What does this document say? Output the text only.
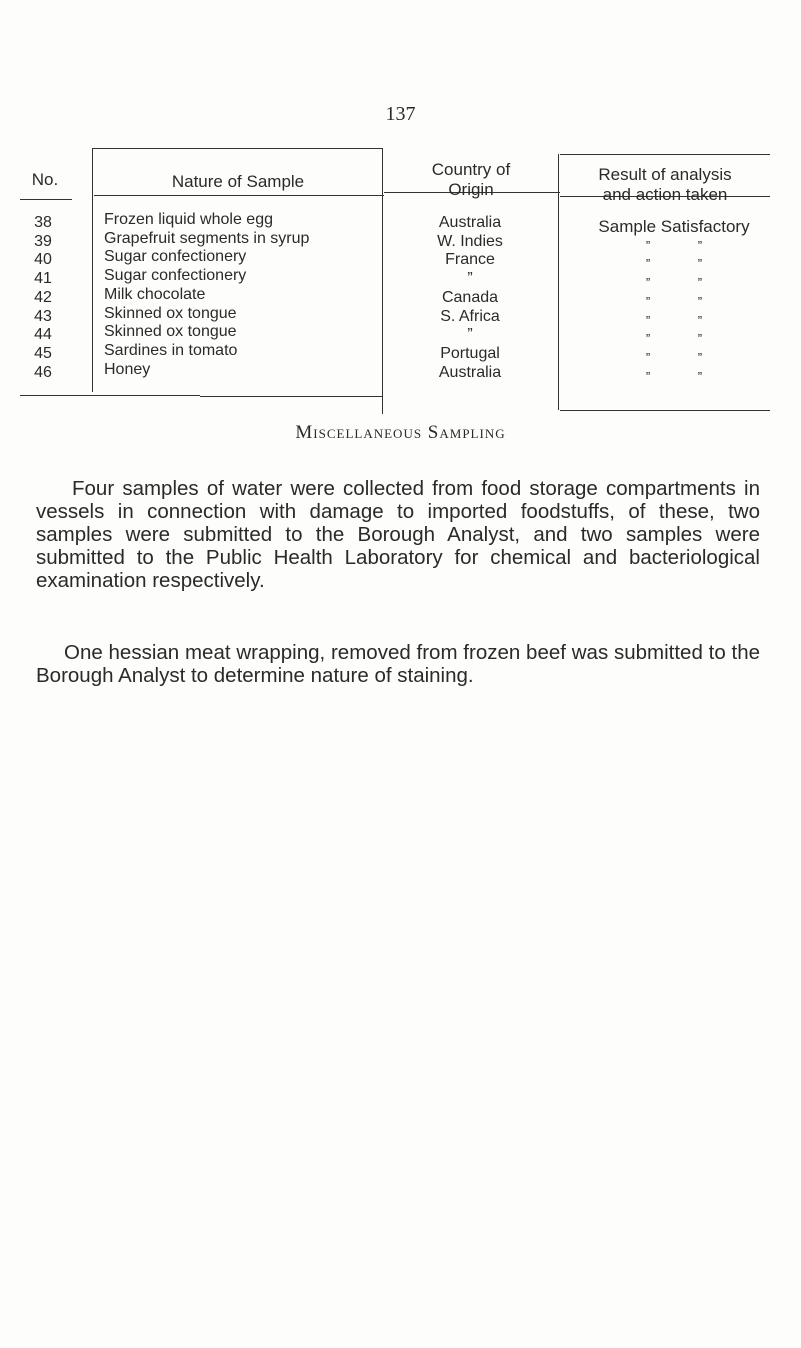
137
No.	Nature of Sample
Country of
Origin
Result of analysis
and action taken
38
39
40
41
42
43
44
45
46
Frozen liquid whole egg
Grapefruit segments in syrup
Sugar confectionery
Sugar confectionery
Milk chocolate
Skinned ox tongue
Skinned ox tongue
Sardines in tomato
Honey
Australia
W. Indies
France
”
Canada
S. Africa
”
Portugal
Australia
Sample Satisfactory
” ”
” ”
” ”
” ”
” ”
” ”
” ”
” ”
Miscellaneous Sampling

Four samples of water were collected from food storage compartments in vessels in connection with damage to imported foodstuffs, of these, two samples were submitted to the Borough Analyst, and two samples were submitted to the Public Health Laboratory for chemical and bacteriological examination respectively.

One hessian meat wrapping, removed from frozen beef was submitted to the Borough Analyst to determine nature of staining.
